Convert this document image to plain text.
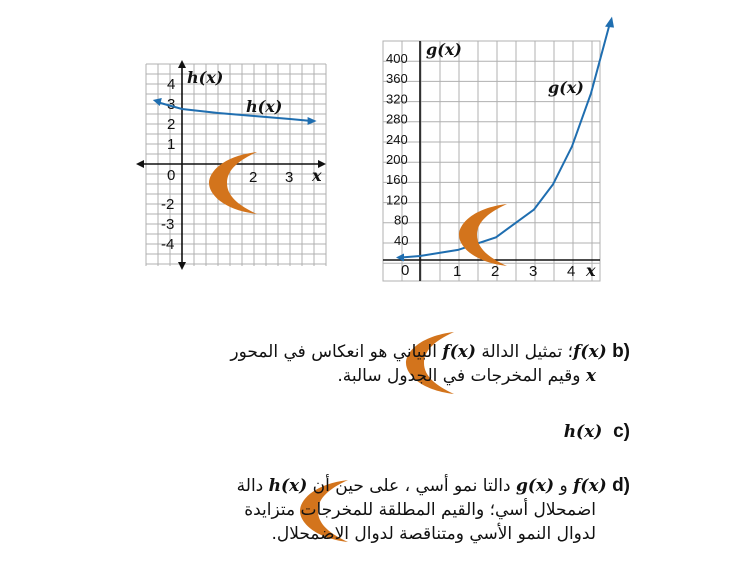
h(x)
h(x)
x
0	2 3
1
2
3
4
-2
-3
-4
g(x)
g(x)
x
0	1 2 3 4
40
80
120
160
200
240
280
320
360
400
(b f(x)؛ تمثيل الدالة f(x) البياني هو انعكاس في المحور
x وقيم المخرجات في الجدول سالبة.
(c  h(x)
(d f(x) و g(x) دالتا نمو أسي ، على حين أن h(x) دالة
اضمحلال أسي؛ والقيم المطلقة للمخرجات متزايدة
لدوال النمو الأسي ومتناقصة لدوال الاضمحلال.
